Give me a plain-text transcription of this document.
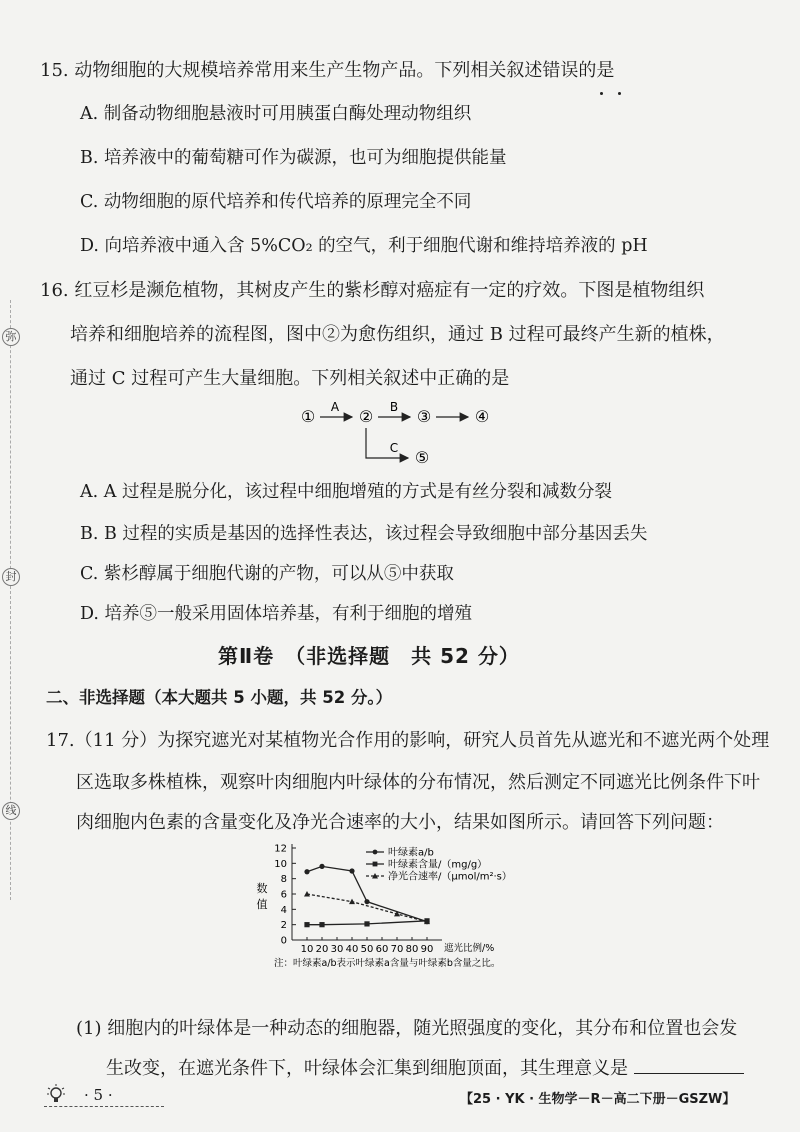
弥
封
线
15. 动物细胞的大规模培养常用来生产生物产品。下列相关叙述错误的是
A. 制备动物细胞悬液时可用胰蛋白酶处理动物组织
B. 培养液中的葡萄糖可作为碳源，也可为细胞提供能量
C. 动物细胞的原代培养和传代培养的原理完全不同
D. 向培养液中通入含 5%CO₂ 的空气，利于细胞代谢和维持培养液的 pH
16. 红豆杉是濒危植物，其树皮产生的紫杉醇对癌症有一定的疗效。下图是植物组织
培养和细胞培养的流程图，图中②为愈伤组织，通过 B 过程可最终产生新的植株，
通过 C 过程可产生大量细胞。下列相关叙述中正确的是
① A ② B ③	④
C ⑤
A. A 过程是脱分化，该过程中细胞增殖的方式是有丝分裂和减数分裂
B. B 过程的实质是基因的选择性表达，该过程会导致细胞中部分基因丢失
C. 紫杉醇属于细胞代谢的产物，可以从⑤中获取
D. 培养⑤一般采用固体培养基，有利于细胞的增殖
第Ⅱ卷　（非选择题　共 52 分）
二、非选择题（本大题共 5 小题，共 52 分。）
17.（11 分）为探究遮光对某植物光合作用的影响，研究人员首先从遮光和不遮光两个处理
区选取多株植株，观察叶肉细胞内叶绿体的分布情况，然后测定不同遮光比例条件下叶
肉细胞内色素的含量变化及净光合速率的大小，结果如图所示。请回答下列问题：
0
2
4
6
8
10
12
10 20 30 40 50 60 70 80 90
叶绿素a/b
叶绿素含量/（mg/g）
净光合速率/（μmol/m²·s）
数
值
遮光比例/%
注：叶绿素a/b表示叶绿素a含量与叶绿素b含量之比。
(1) 细胞内的叶绿体是一种动态的细胞器，随光照强度的变化，其分布和位置也会发
生改变，在遮光条件下，叶绿体会汇集到细胞顶面，其生理意义是
· 5 ·	【25 · YK · 生物学－R－高二下册－GSZW】
